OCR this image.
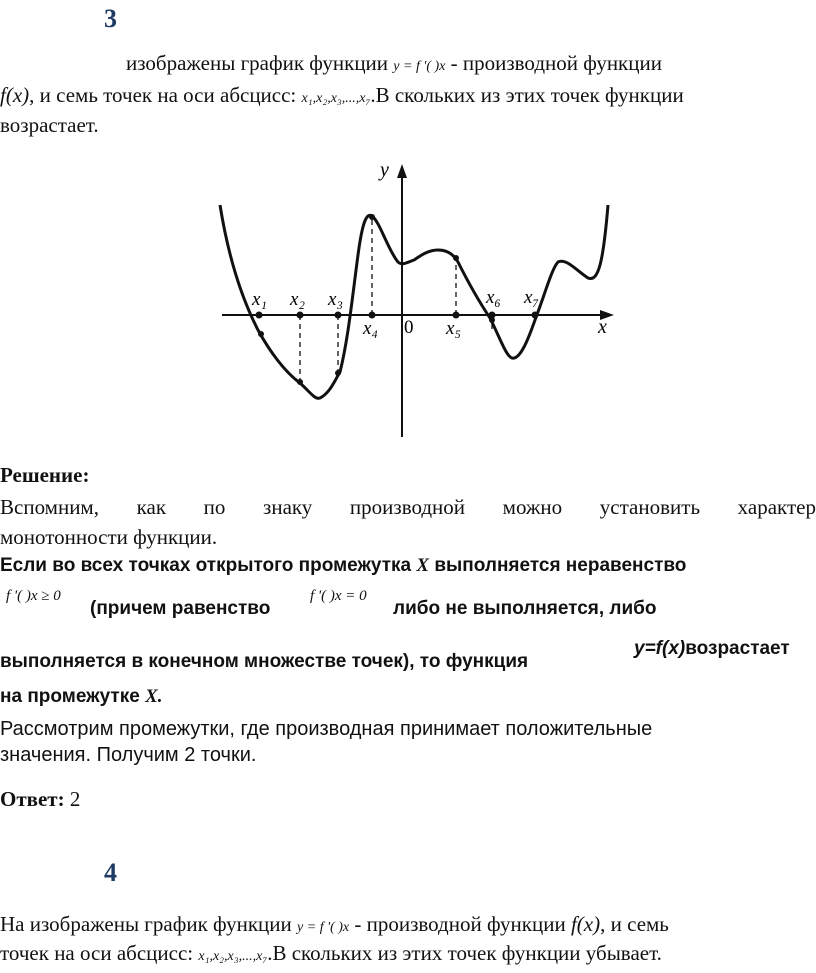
3
изображены график функции y = f '( )x - производной функции
f(x), и семь точек на оси абсцисс: x₁,x₂,x₃,...,x₇.В скольких из этих точек функции
возрастает.
y
x
0
x₁ x₂ x₃
x₄	x₅
x₆ x₇
Решение:
Вспомним, как по знаку производной можно установить характер
монотонности функции.
Если во всех точках открытого промежутка X выполняется неравенство
f '( )x ≥ 0
(причем равенство
f '( )x = 0
либо не выполняется, либо
выполняется в конечном множестве точек), то функция
y=f(x)возрастает
на промежутке X.
Рассмотрим промежутки, где производная принимает положительные
значения. Получим 2 точки.
Ответ: 2
4
На изображены график функции y = f '( )x - производной функции f(x), и семь
точек на оси абсцисс: x₁,x₂,x₃,...,x₇.В скольких из этих точек функции убывает.
